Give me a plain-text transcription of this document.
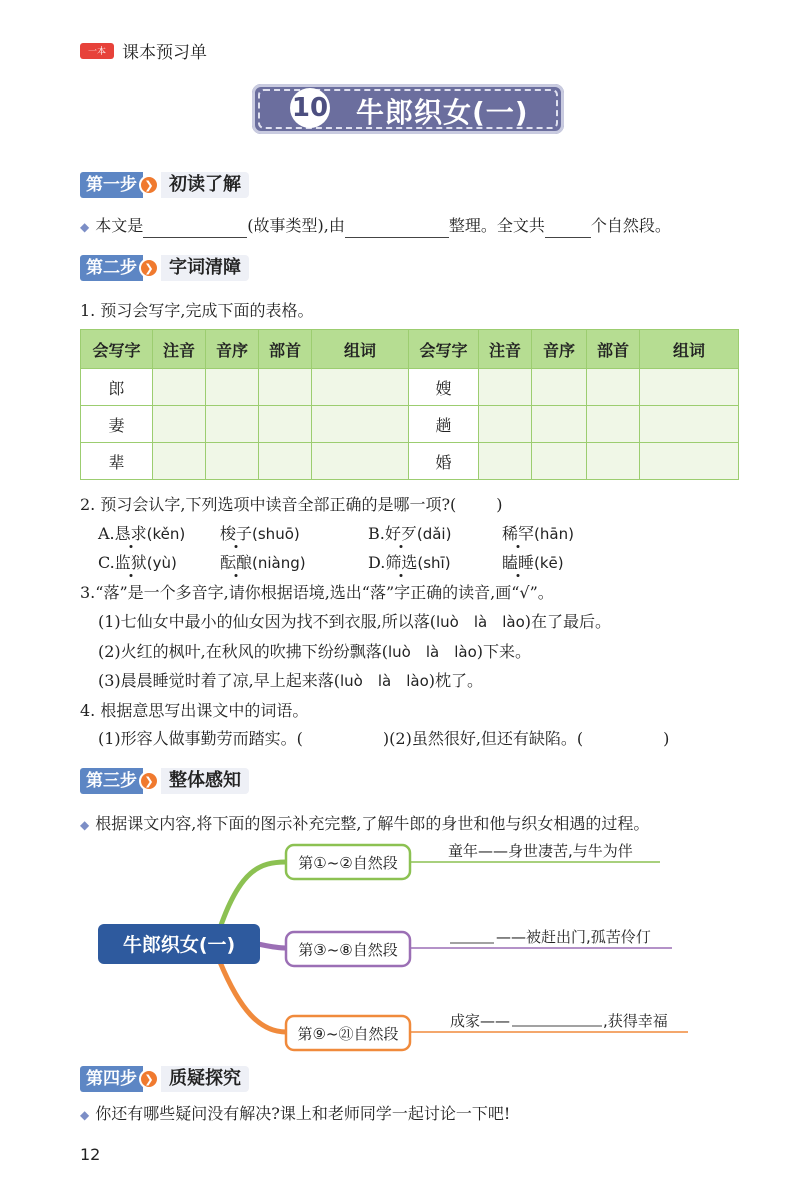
一本 课本预习单
10 牛郎织女(一)
第一步 ❯ 初读了解
◆ 本文是	(故事类型),由	整理。全文共	个自然段。
第二步 ❯ 字词清障
1. 预习会写字,完成下面的表格。
会写字	注音	音序	部首	组词	会写字	注音	音序	部首	组词
郎					嫂				
妻					趟				
辈					婚				
2. 预习会认字,下列选项中读音全部正确的是哪一项?(	)
A.恳求(kěn) 梭子(shuō)	B.好歹(dǎi)	稀罕(hān)
C.监狱(yù)	酝酿(niàng)	D.筛选(shī)	瞌睡(kē)
3.“落”是一个多音字,请你根据语境,选出“落”字正确的读音,画“√”。
(1)七仙女中最小的仙女因为找不到衣服,所以落(luò　là　lào)在了最后。
(2)火红的枫叶,在秋风的吹拂下纷纷飘落(luò　là　lào)下来。
(3)晨晨睡觉时着了凉,早上起来落(luò　là　lào)枕了。
4. 根据意思写出课文中的词语。
(1)形容人做事勤劳而踏实。(	)(2)虽然很好,但还有缺陷。(	)
第三步 ❯ 整体感知
◆ 根据课文内容,将下面的图示补充完整,了解牛郎的身世和他与织女相遇的过程。
牛郎织女(一)
第①~②自然段
童年——身世凄苦,与牛为伴
第③~⑧自然段
——被赶出门,孤苦伶仃
第⑨~㉑自然段
成家——	,获得幸福
第四步 ❯ 质疑探究
◆ 你还有哪些疑问没有解决?课上和老师同学一起讨论一下吧!
12
